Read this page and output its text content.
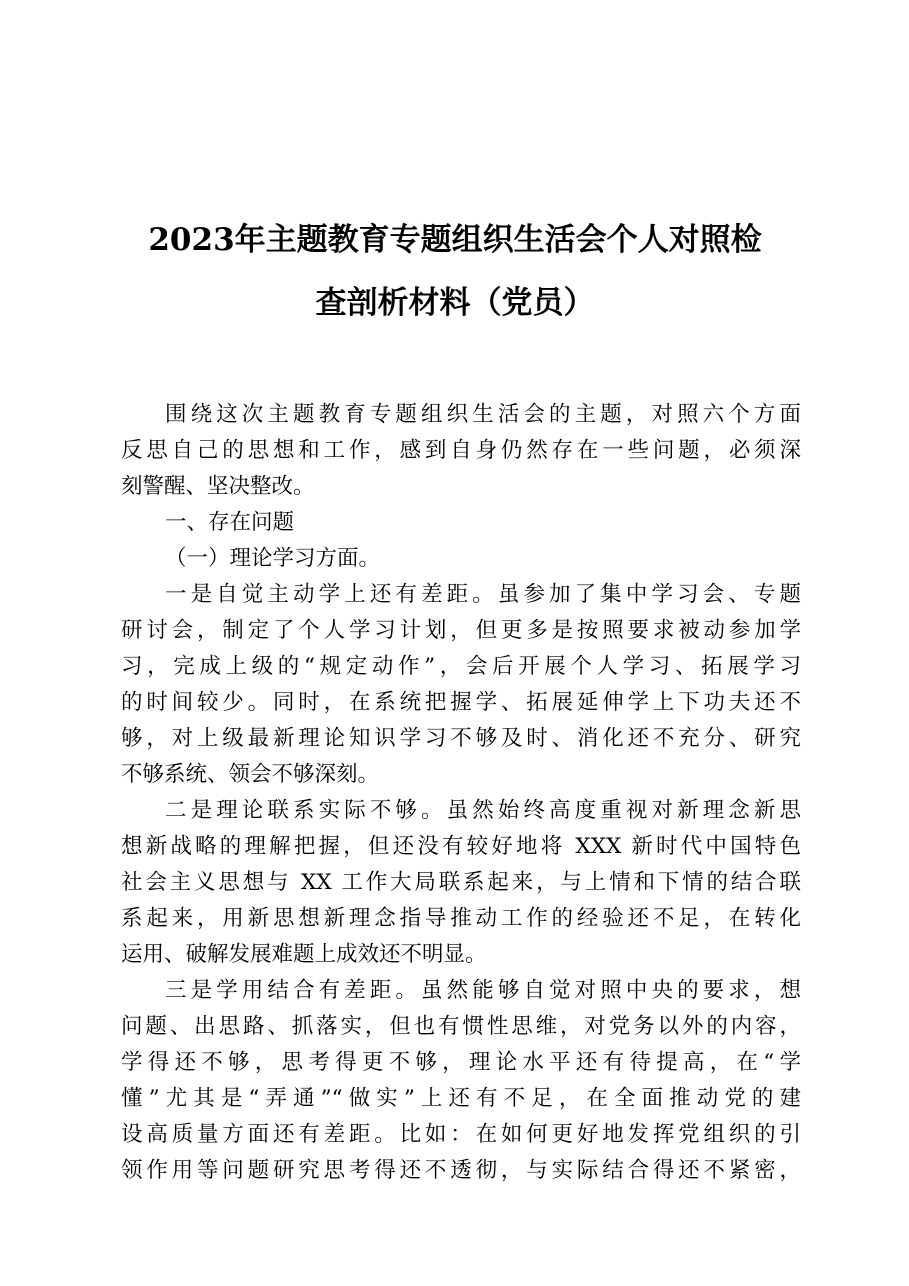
2023年主题教育专题组织生活会个人对照检
查剖析材料（党员）
围绕这次主题教育专题组织生活会的主题，对照六个方面
反思自己的思想和工作，感到自身仍然存在一些问题，必须深
刻警醒、坚决整改。
一、存在问题
（一）理论学习方面。
一是自觉主动学上还有差距。虽参加了集中学习会、专题
研讨会，制定了个人学习计划，但更多是按照要求被动参加学
习，完成上级的“规定动作”，会后开展个人学习、拓展学习
的时间较少。同时，在系统把握学、拓展延伸学上下功夫还不
够，对上级最新理论知识学习不够及时、消化还不充分、研究
不够系统、领会不够深刻。
二是理论联系实际不够。虽然始终高度重视对新理念新思
想新战略的理解把握，但还没有较好地将 XXX 新时代中国特色
社会主义思想与 XX 工作大局联系起来，与上情和下情的结合联
系起来，用新思想新理念指导推动工作的经验还不足，在转化
运用、破解发展难题上成效还不明显。
三是学用结合有差距。虽然能够自觉对照中央的要求，想
问题、出思路、抓落实，但也有惯性思维，对党务以外的内容，
学得还不够，思考得更不够，理论水平还有待提高，在“学
懂”尤其是“弄通”“做实”上还有不足，在全面推动党的建
设高质量方面还有差距。比如：在如何更好地发挥党组织的引
领作用等问题研究思考得还不透彻，与实际结合得还不紧密，
